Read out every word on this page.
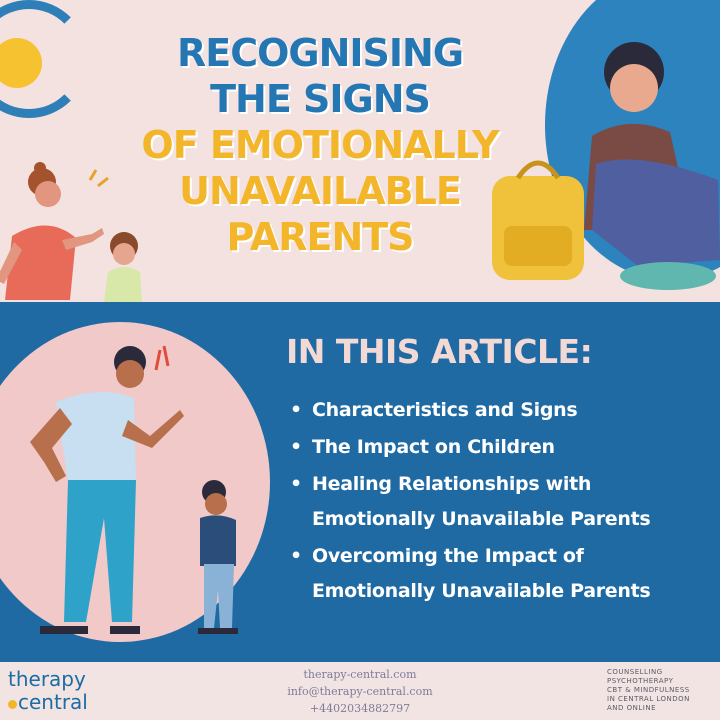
RECOGNISING
THE SIGNS
OF EMOTIONALLY
UNAVAILABLE
PARENTS
IN THIS ARTICLE:
• Characteristics and Signs
• The Impact on Children
• Healing Relationships with
Emotionally Unavailable Parents
• Overcoming the Impact of
Emotionally Unavailable Parents
therapy
central
therapy-central.com
info@therapy-central.com
+4402034882797
COUNSELLING
PSYCHOTHERAPY
CBT & MINDFULNESS
IN CENTRAL LONDON
AND ONLINE
